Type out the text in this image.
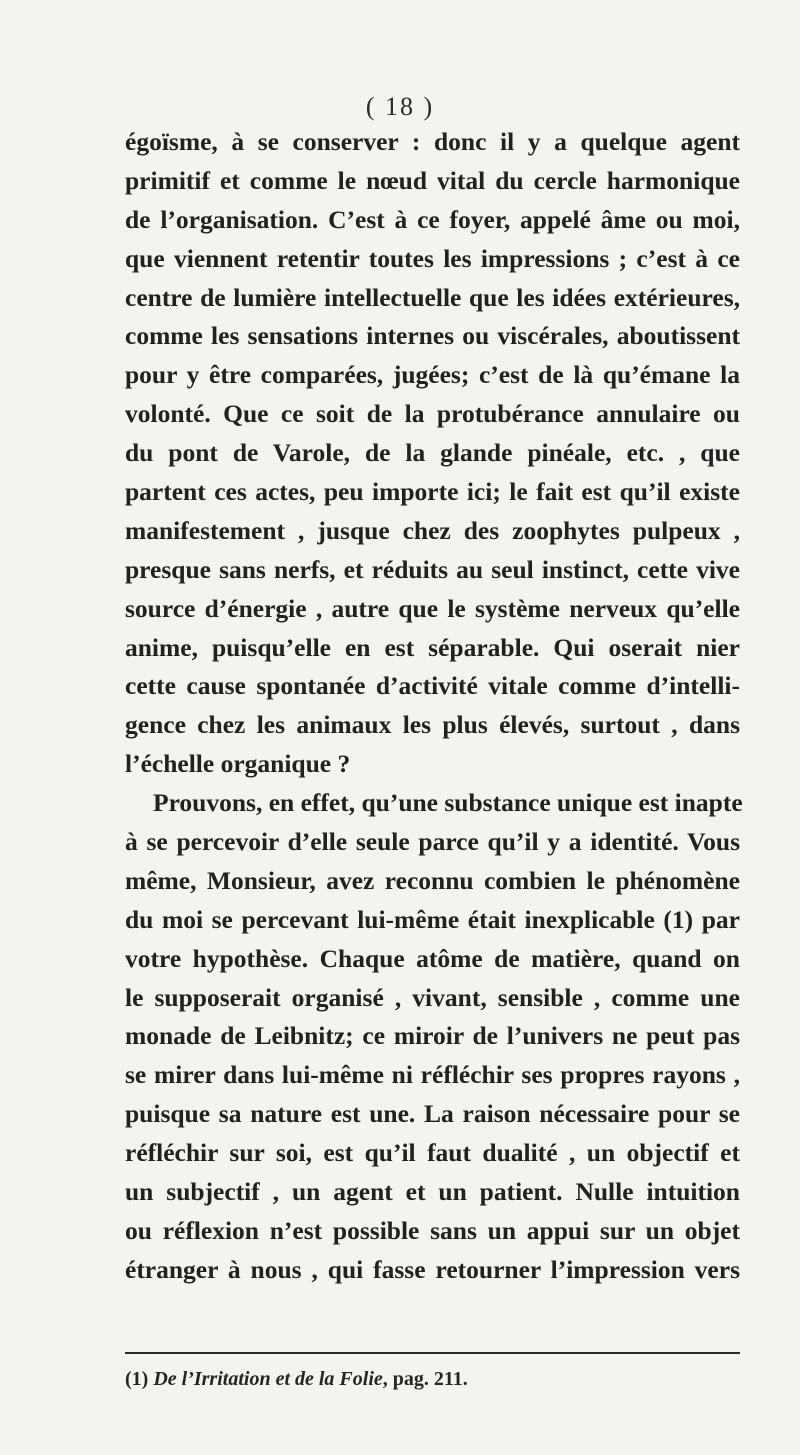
( 18 )
égoïsme, à se conserver : donc il y a quelque agent
primitif et comme le nœud vital du cercle harmonique
de l’organisation. C’est à ce foyer, appelé âme ou moi,
que viennent retentir toutes les impressions ; c’est à ce
centre de lumière intellectuelle que les idées extérieures,
comme les sensations internes ou viscérales, aboutissent
pour y être comparées, jugées; c’est de là qu’émane la
volonté. Que ce soit de la protubérance annulaire ou
du pont de Varole, de la glande pinéale, etc. , que
partent ces actes, peu importe ici; le fait est qu’il existe
manifestement , jusque chez des zoophytes pulpeux ,
presque sans nerfs, et réduits au seul instinct, cette vive
source d’énergie , autre que le système nerveux qu’elle
anime, puisqu’elle en est séparable. Qui oserait nier
cette cause spontanée d’activité vitale comme d’intelli-
gence chez les animaux les plus élevés, surtout , dans
l’échelle organique ?
Prouvons, en effet, qu’une substance unique est inapte
à se percevoir d’elle seule parce qu’il y a identité. Vous
même, Monsieur, avez reconnu combien le phénomène
du moi se percevant lui-même était inexplicable (1) par
votre hypothèse. Chaque atôme de matière, quand on
le supposerait organisé , vivant, sensible , comme une
monade de Leibnitz; ce miroir de l’univers ne peut pas
se mirer dans lui-même ni réfléchir ses propres rayons ,
puisque sa nature est une. La raison nécessaire pour se
réfléchir sur soi, est qu’il faut dualité , un objectif et
un subjectif , un agent et un patient. Nulle intuition
ou réflexion n’est possible sans un appui sur un objet
étranger à nous , qui fasse retourner l’impression vers
(1) De l’Irritation et de la Folie, pag. 211.
